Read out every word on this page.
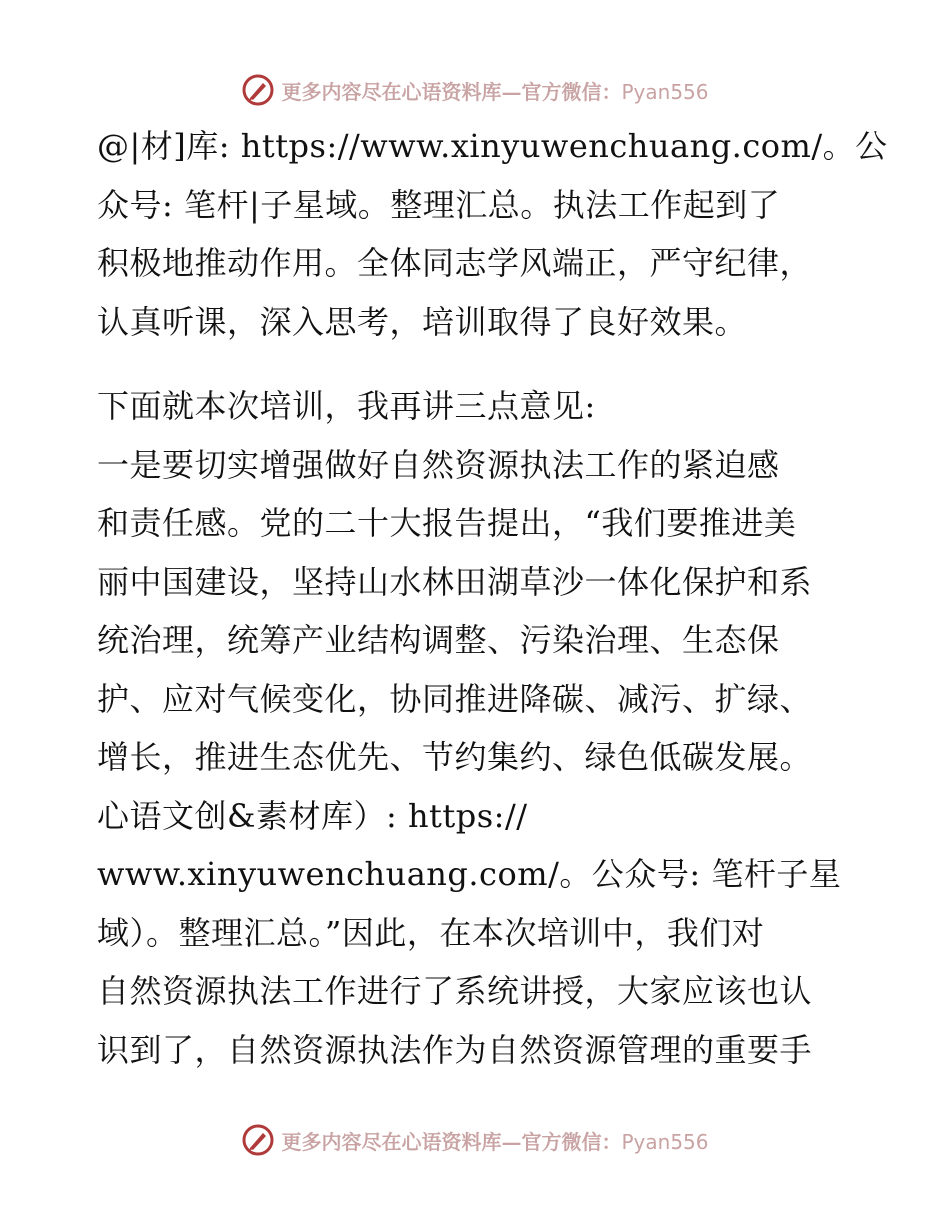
更多内容尽在心语资料库—官方微信：Pyan556
@|材]库: https://www.xinyuwenchuang.com/。公
众号: 笔杆|子星域。整理汇总。执法工作起到了
积极地推动作用。全体同志学风端正，严守纪律，
认真听课，深入思考，培训取得了良好效果。
下面就本次培训，我再讲三点意见:
一是要切实增强做好自然资源执法工作的紧迫感
和责任感。党的二十大报告提出，“我们要推进美
丽中国建设，坚持山水林田湖草沙一体化保护和系
统治理，统筹产业结构调整、污染治理、生态保
护、应对气候变化，协同推进降碳、减污、扩绿、
增长，推进生态优先、节约集约、绿色低碳发展。
心语文创&素材库）: https://
www.xinyuwenchuang.com/。公众号: 笔杆子星
域）。整理汇总。”因此，在本次培训中，我们对
自然资源执法工作进行了系统讲授，大家应该也认
识到了，自然资源执法作为自然资源管理的重要手
更多内容尽在心语资料库—官方微信：Pyan556
